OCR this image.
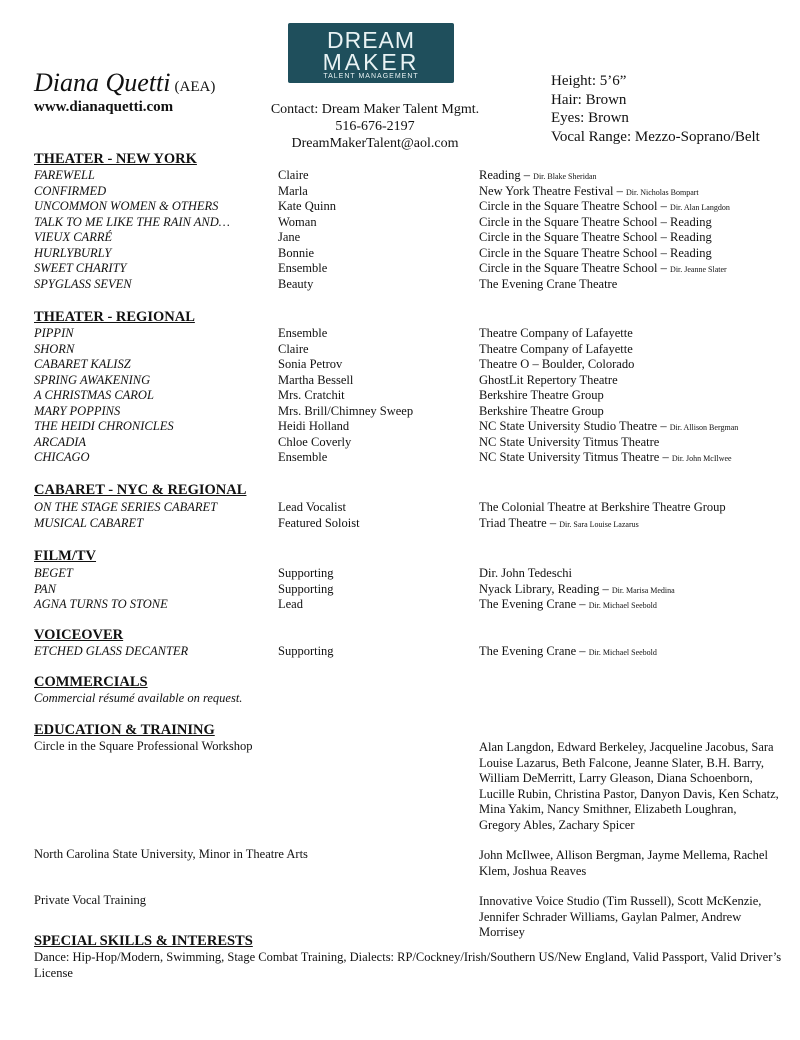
DREAM
MAKER
TALENT MANAGEMENT
Diana Quetti (AEA)
www.dianaquetti.com	Contact: Dream Maker Talent Mgmt.
516-676-2197
DreamMakerTalent@aol.com
Height: 5’6”
Hair: Brown
Eyes: Brown
Vocal Range: Mezzo-Soprano/Belt
THEATER - NEW YORK
FAREWELL	Claire	Reading – Dir. Blake Sheridan
CONFIRMED	Marla	New York Theatre Festival – Dir. Nicholas Bompart
UNCOMMON WOMEN & OTHERS	Kate Quinn	Circle in the Square Theatre School – Dir. Alan Langdon
TALK TO ME LIKE THE RAIN AND…	Woman	Circle in the Square Theatre School – Reading
VIEUX CARRÉ	Jane	Circle in the Square Theatre School – Reading
HURLYBURLY	Bonnie	Circle in the Square Theatre School – Reading
SWEET CHARITY	Ensemble	Circle in the Square Theatre School – Dir. Jeanne Slater
SPYGLASS SEVEN	Beauty	The Evening Crane Theatre
THEATER - REGIONAL
PIPPIN	Ensemble	Theatre Company of Lafayette
SHORN	Claire	Theatre Company of Lafayette
CABARET KALISZ	Sonia Petrov	Theatre O – Boulder, Colorado
SPRING AWAKENING	Martha Bessell	GhostLit Repertory Theatre
A CHRISTMAS CAROL	Mrs. Cratchit	Berkshire Theatre Group
MARY POPPINS	Mrs. Brill/Chimney Sweep	Berkshire Theatre Group
THE HEIDI CHRONICLES	Heidi Holland	NC State University Studio Theatre – Dir. Allison Bergman
ARCADIA	Chloe Coverly	NC State University Titmus Theatre
CHICAGO	Ensemble	NC State University Titmus Theatre – Dir. John McIlwee
CABARET - NYC & REGIONAL
ON THE STAGE SERIES CABARET	Lead Vocalist	The Colonial Theatre at Berkshire Theatre Group
MUSICAL CABARET	Featured Soloist	Triad Theatre – Dir. Sara Louise Lazarus
FILM/TV
BEGET	Supporting	Dir. John Tedeschi
PAN	Supporting	Nyack Library, Reading – Dir. Marisa Medina
AGNA TURNS TO STONE	Lead	The Evening Crane – Dir. Michael Seebold
VOICEOVER
ETCHED GLASS DECANTER	Supporting	The Evening Crane – Dir. Michael Seebold
COMMERCIALS
Commercial résumé available on request.
EDUCATION & TRAINING
Circle in the Square Professional Workshop	Alan Langdon, Edward Berkeley, Jacqueline Jacobus, Sara Louise Lazarus, Beth Falcone, Jeanne Slater, B.H. Barry, William DeMerritt, Larry Gleason, Diana Schoenborn, Lucille Rubin, Christina Pastor, Danyon Davis, Ken Schatz, Mina Yakim, Nancy Smithner, Elizabeth Loughran, Gregory Ables, Zachary Spicer
North Carolina State University, Minor in Theatre Arts	John McIlwee, Allison Bergman, Jayme Mellema, Rachel Klem, Joshua Reaves
Private Vocal Training	Innovative Voice Studio (Tim Russell), Scott McKenzie, Jennifer Schrader Williams, Gaylan Palmer, Andrew Morrisey
SPECIAL SKILLS & INTERESTS
Dance: Hip-Hop/Modern, Swimming, Stage Combat Training, Dialects: RP/Cockney/Irish/Southern US/New England, Valid Passport, Valid Driver’s License
